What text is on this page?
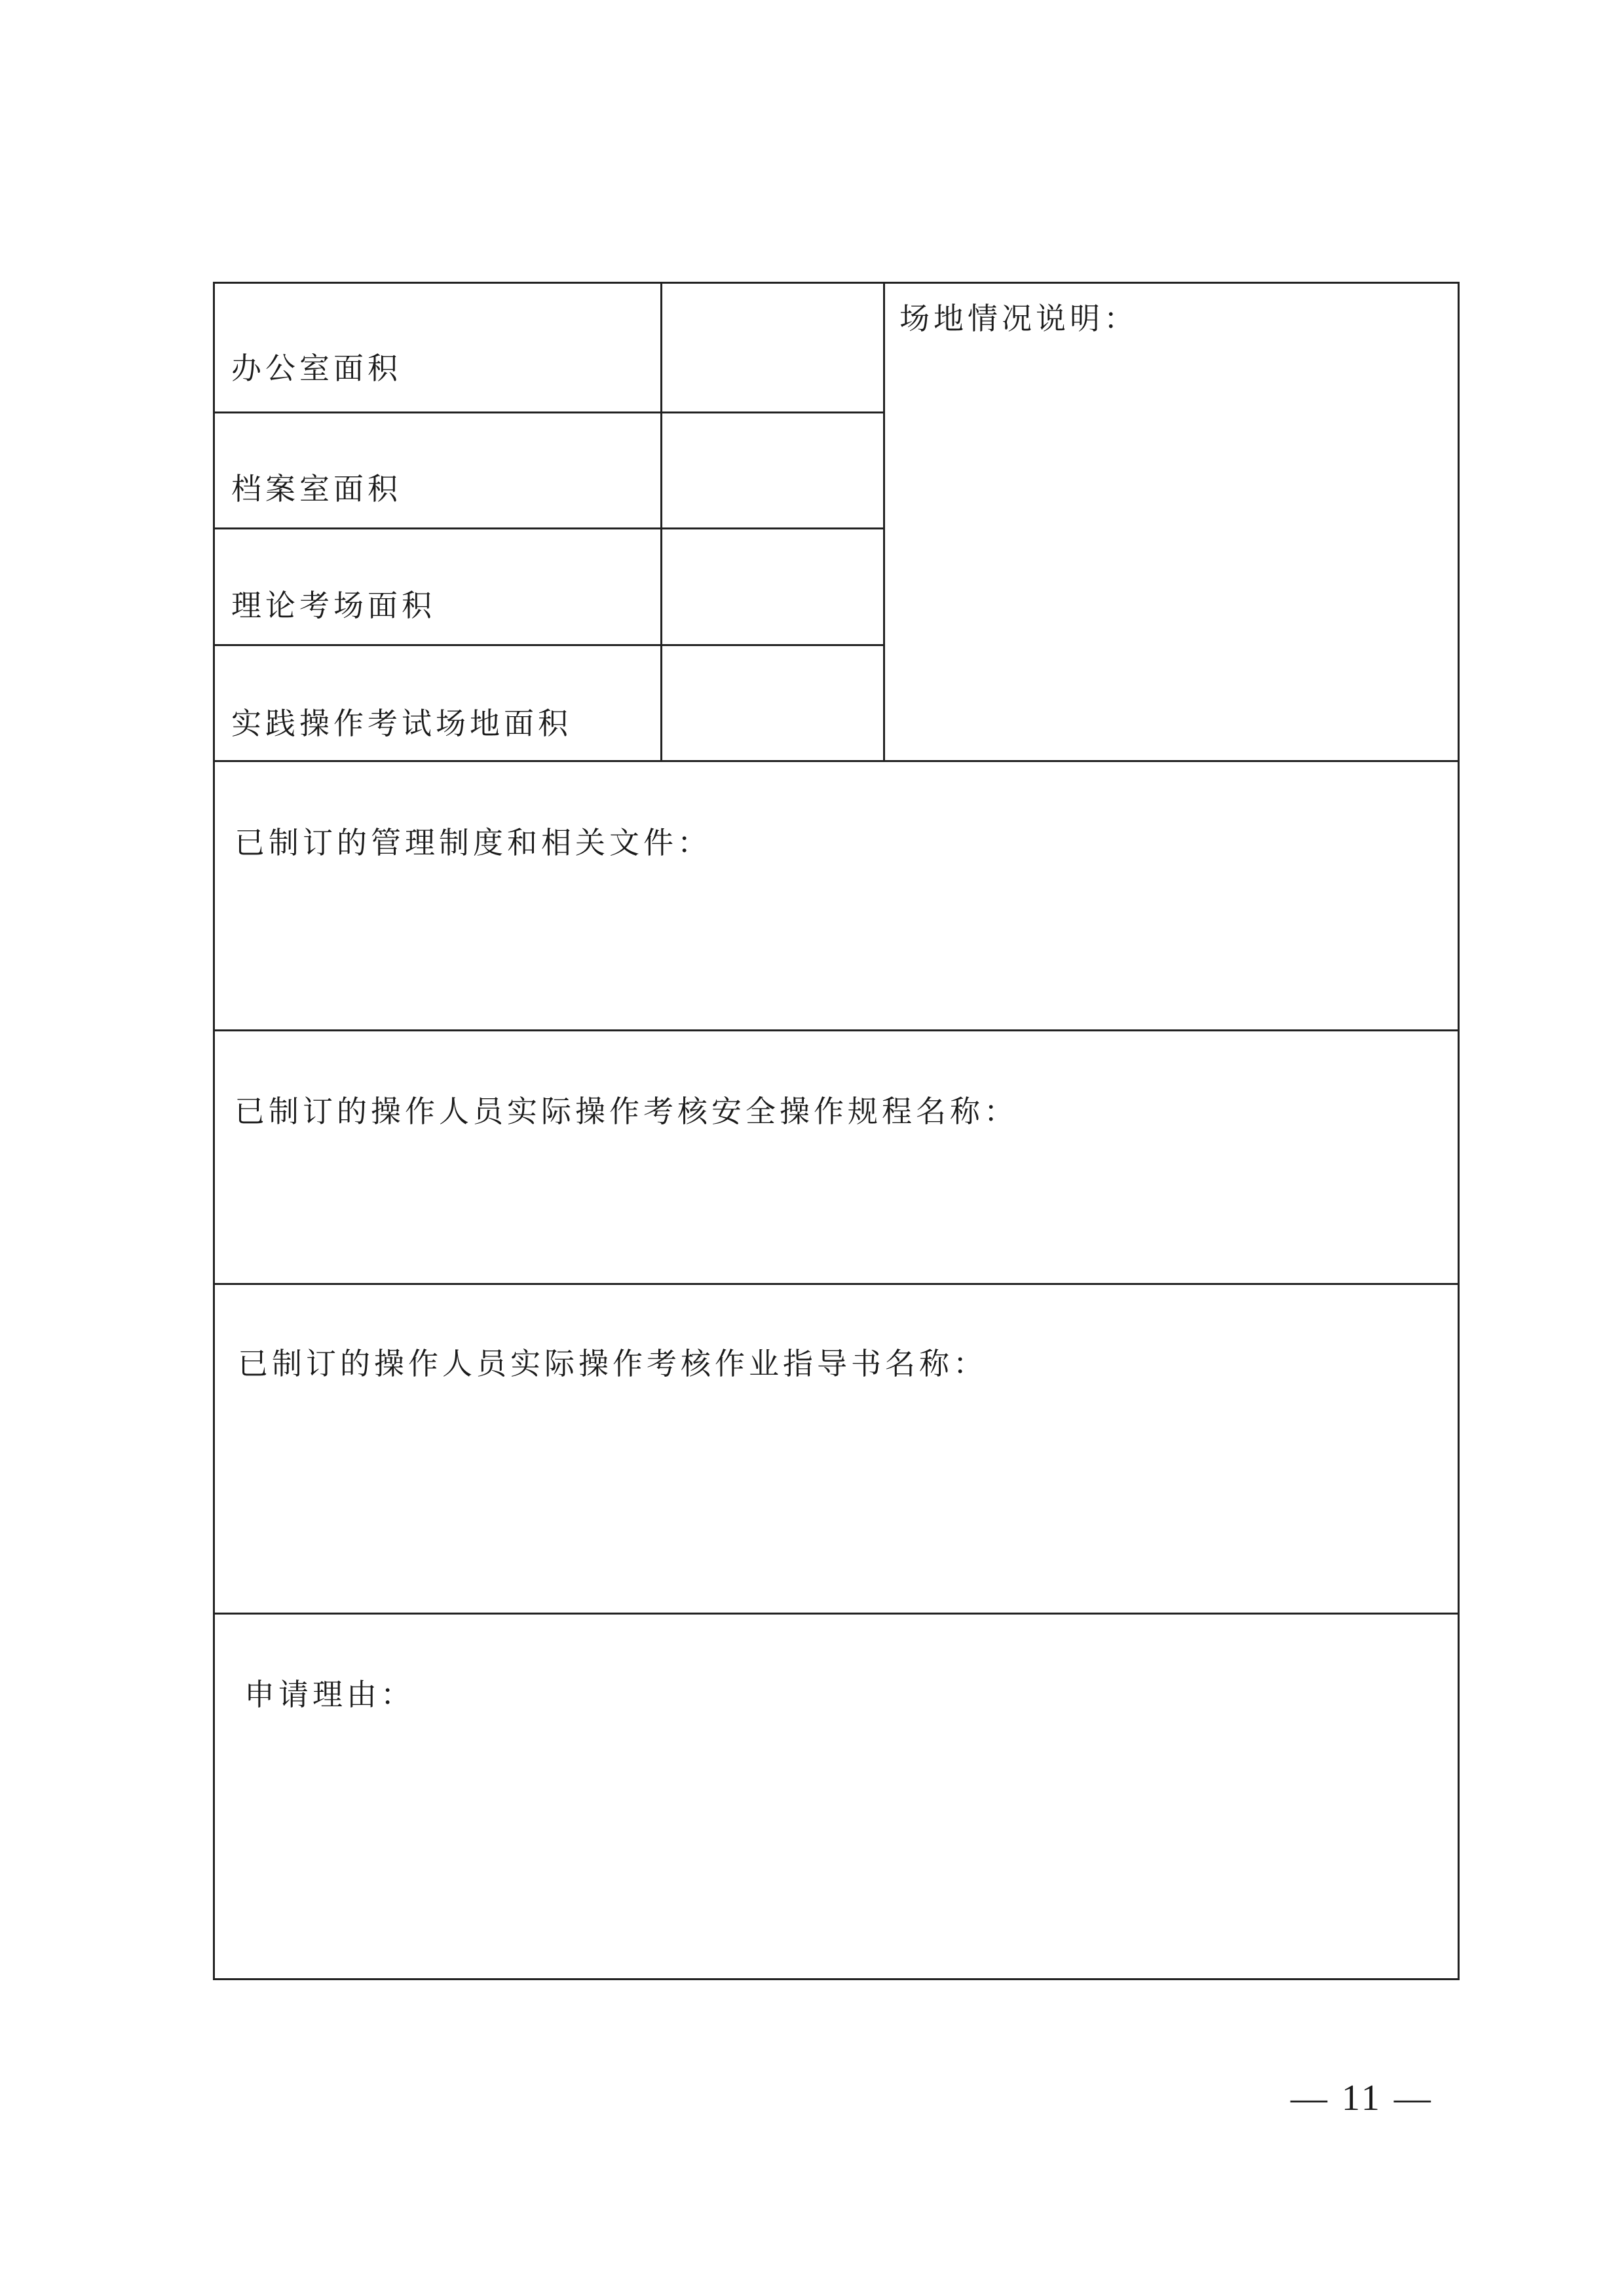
办公室面积
档案室面积
理论考场面积
实践操作考试场地面积
场地情况说明：
已制订的管理制度和相关文件：
已制订的操作人员实际操作考核安全操作规程名称：
已制订的操作人员实际操作考核作业指导书名称：
申请理由：
— 11 —
